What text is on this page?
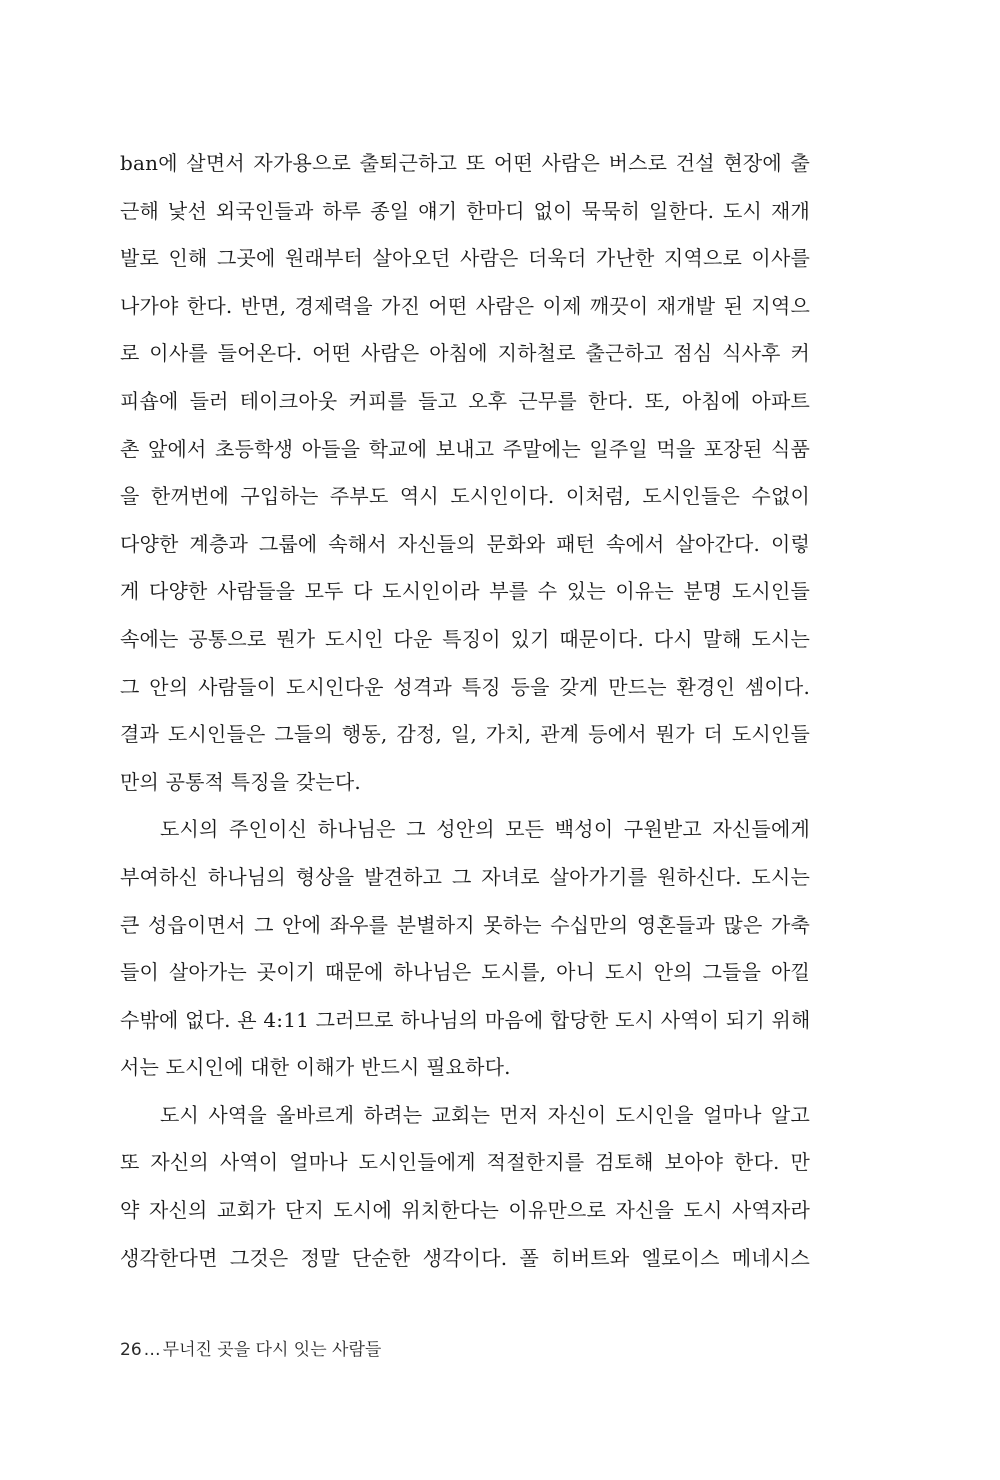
ban에 살면서 자가용으로 출퇴근하고 또 어떤 사람은 버스로 건설 현장에 출
근해 낯선 외국인들과 하루 종일 얘기 한마디 없이 묵묵히 일한다. 도시 재개
발로 인해 그곳에 원래부터 살아오던 사람은 더욱더 가난한 지역으로 이사를
나가야 한다. 반면, 경제력을 가진 어떤 사람은 이제 깨끗이 재개발 된 지역으
로 이사를 들어온다. 어떤 사람은 아침에 지하철로 출근하고 점심 식사후 커
피숍에 들러 테이크아웃 커피를 들고 오후 근무를 한다. 또, 아침에 아파트
촌 앞에서 초등학생 아들을 학교에 보내고 주말에는 일주일 먹을 포장된 식품
을 한꺼번에 구입하는 주부도 역시 도시인이다. 이처럼, 도시인들은 수없이
다양한 계층과 그룹에 속해서 자신들의 문화와 패턴 속에서 살아간다. 이렇
게 다양한 사람들을 모두 다 도시인이라 부를 수 있는 이유는 분명 도시인들
속에는 공통으로 뭔가 도시인 다운 특징이 있기 때문이다. 다시 말해 도시는
그 안의 사람들이 도시인다운 성격과 특징 등을 갖게 만드는 환경인 셈이다.
결과 도시인들은 그들의 행동, 감정, 일, 가치, 관계 등에서 뭔가 더 도시인들
만의 공통적 특징을 갖는다.
도시의 주인이신 하나님은 그 성안의 모든 백성이 구원받고 자신들에게
부여하신 하나님의 형상을 발견하고 그 자녀로 살아가기를 원하신다. 도시는
큰 성읍이면서 그 안에 좌우를 분별하지 못하는 수십만의 영혼들과 많은 가축
들이 살아가는 곳이기 때문에 하나님은 도시를, 아니 도시 안의 그들을 아낄
수밖에 없다. 욘 4:11 그러므로 하나님의 마음에 합당한 도시 사역이 되기 위해
서는 도시인에 대한 이해가 반드시 필요하다.
도시 사역을 올바르게 하려는 교회는 먼저 자신이 도시인을 얼마나 알고
또 자신의 사역이 얼마나 도시인들에게 적절한지를 검토해 보아야 한다. 만
약 자신의 교회가 단지 도시에 위치한다는 이유만으로 자신을 도시 사역자라
생각한다면 그것은 정말 단순한 생각이다. 폴 히버트와 엘로이스 메네시스
26 … 무너진 곳을 다시 잇는 사람들
